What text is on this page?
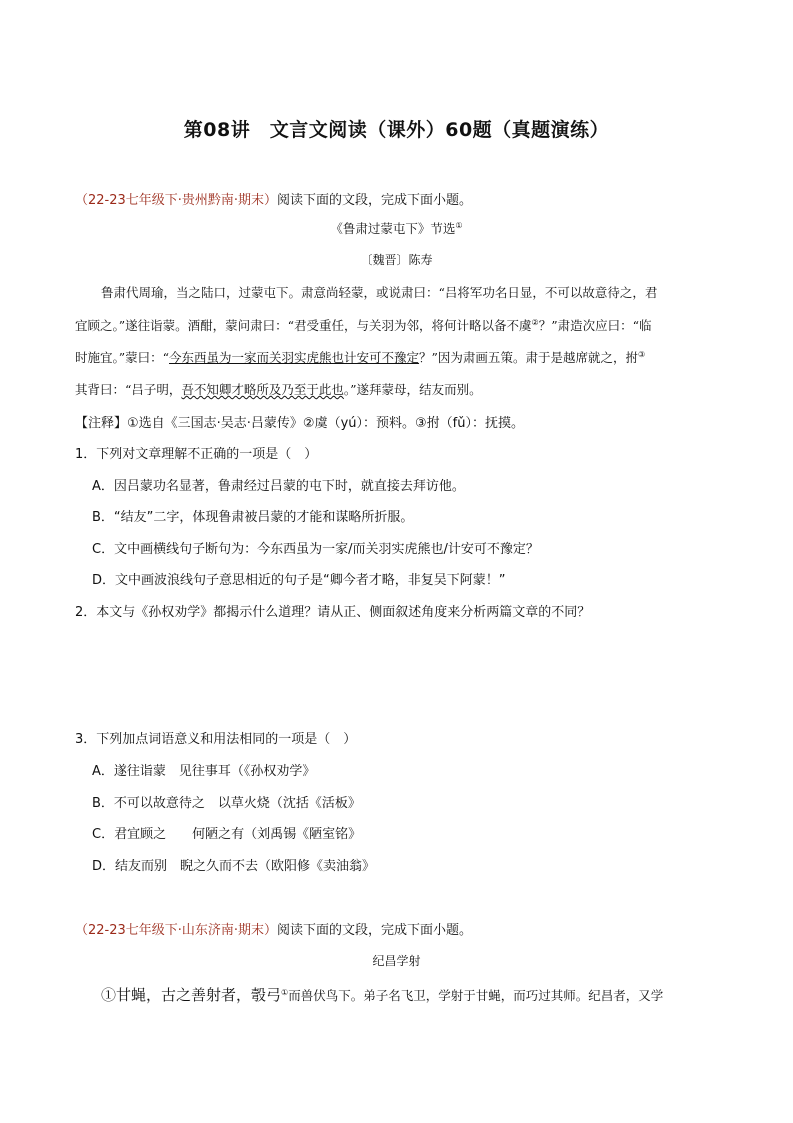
第08讲　文言文阅读（课外）60题（真题演练）
（22-23七年级下·贵州黔南·期末）阅读下面的文段，完成下面小题。
《鲁肃过蒙屯下》节选①
〔魏晋〕陈寿
鲁肃代周瑜，当之陆口，过蒙屯下。肃意尚轻蒙，或说肃曰：“吕将军功名日显，不可以故意待之，君
宜顾之。”遂往诣蒙。酒酣，蒙问肃曰：“君受重任，与关羽为邻，将何计略以备不虞②？”肃造次应曰：“临
时施宜。”蒙曰：“今东西虽为一家而关羽实虎熊也计安可不豫定？”因为肃画五策。肃于是越席就之，拊③
其背曰：“吕子明，吾不知卿才略所及乃至于此也。”遂拜蒙母，结友而别。
【注释】①选自《三国志·吴志·吕蒙传》②虞（yú）：预料。③拊（fǔ）：抚摸。
1．下列对文章理解不正确的一项是（　）
A．因吕蒙功名显著，鲁肃经过吕蒙的屯下时，就直接去拜访他。
B．“结友”二字，体现鲁肃被吕蒙的才能和谋略所折服。
C．文中画横线句子断句为：今东西虽为一家/而关羽实虎熊也/计安可不豫定？
D．文中画波浪线句子意思相近的句子是“卿今者才略，非复吴下阿蒙！”
2．本文与《孙权劝学》都揭示什么道理？请从正、侧面叙述角度来分析两篇文章的不同？
3．下列加点词语意义和用法相同的一项是（　）
A．遂往诣蒙　见往事耳（《孙权劝学》
B．不可以故意待之　以草火烧（沈括《活板》
C．君宜顾之　　何陋之有（刘禹锡《陋室铭》
D．结友而别　睨之久而不去（欧阳修《卖油翁》
（22-23七年级下·山东济南·期末）阅读下面的文段，完成下面小题。
纪昌学射
①甘蝇，古之善射者，彀弓①而兽伏鸟下。弟子名飞卫，学射于甘蝇，而巧过其师。纪昌者，又学
